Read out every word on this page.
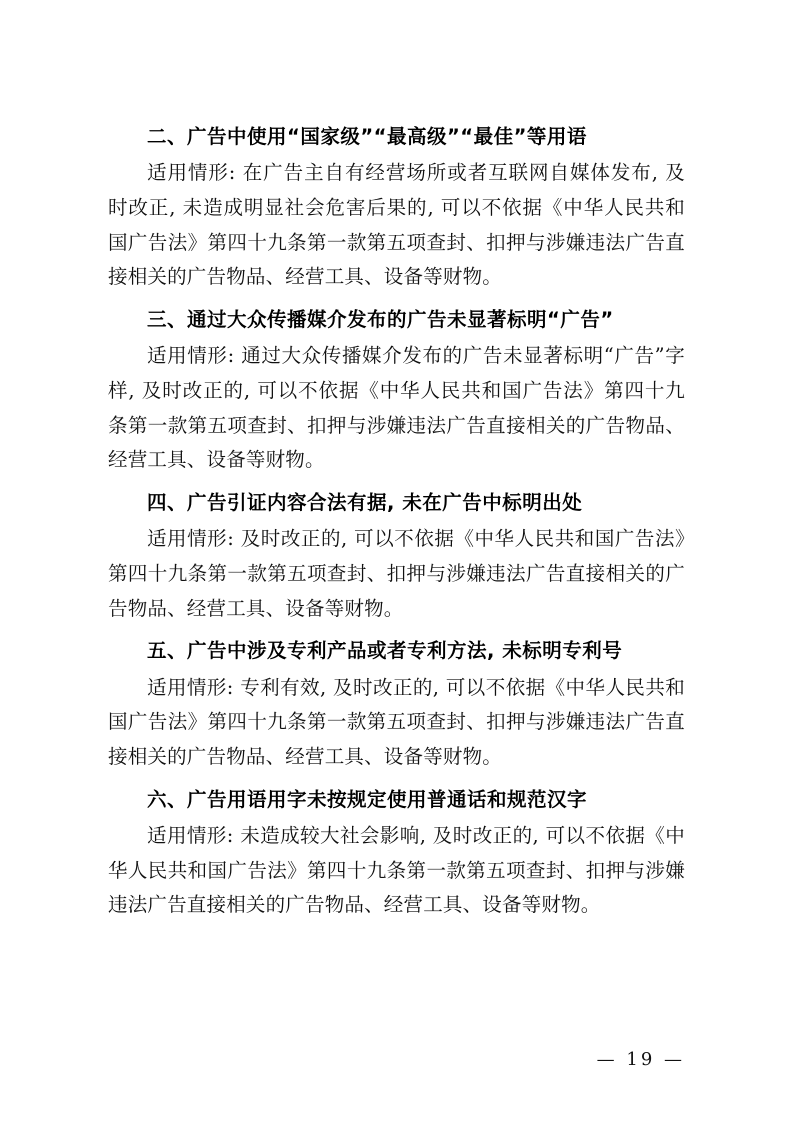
二、广告中使用“国家级”“最高级”“最佳”等用语
适用情形: 在广告主自有经营场所或者互联网自媒体发布, 及时改正, 未造成明显社会危害后果的, 可以不依据《中华人民共和国广告法》第四十九条第一款第五项查封、扣押与涉嫌违法广告直接相关的广告物品、经营工具、设备等财物。
三、通过大众传播媒介发布的广告未显著标明“广告”
适用情形: 通过大众传播媒介发布的广告未显著标明“广告”字样, 及时改正的, 可以不依据《中华人民共和国广告法》第四十九条第一款第五项查封、扣押与涉嫌违法广告直接相关的广告物品、经营工具、设备等财物。
四、广告引证内容合法有据, 未在广告中标明出处
适用情形: 及时改正的, 可以不依据《中华人民共和国广告法》第四十九条第一款第五项查封、扣押与涉嫌违法广告直接相关的广告物品、经营工具、设备等财物。
五、广告中涉及专利产品或者专利方法, 未标明专利号
适用情形: 专利有效, 及时改正的, 可以不依据《中华人民共和国广告法》第四十九条第一款第五项查封、扣押与涉嫌违法广告直接相关的广告物品、经营工具、设备等财物。
六、广告用语用字未按规定使用普通话和规范汉字
适用情形: 未造成较大社会影响, 及时改正的, 可以不依据《中华人民共和国广告法》第四十九条第一款第五项查封、扣押与涉嫌违法广告直接相关的广告物品、经营工具、设备等财物。
— 19 —
